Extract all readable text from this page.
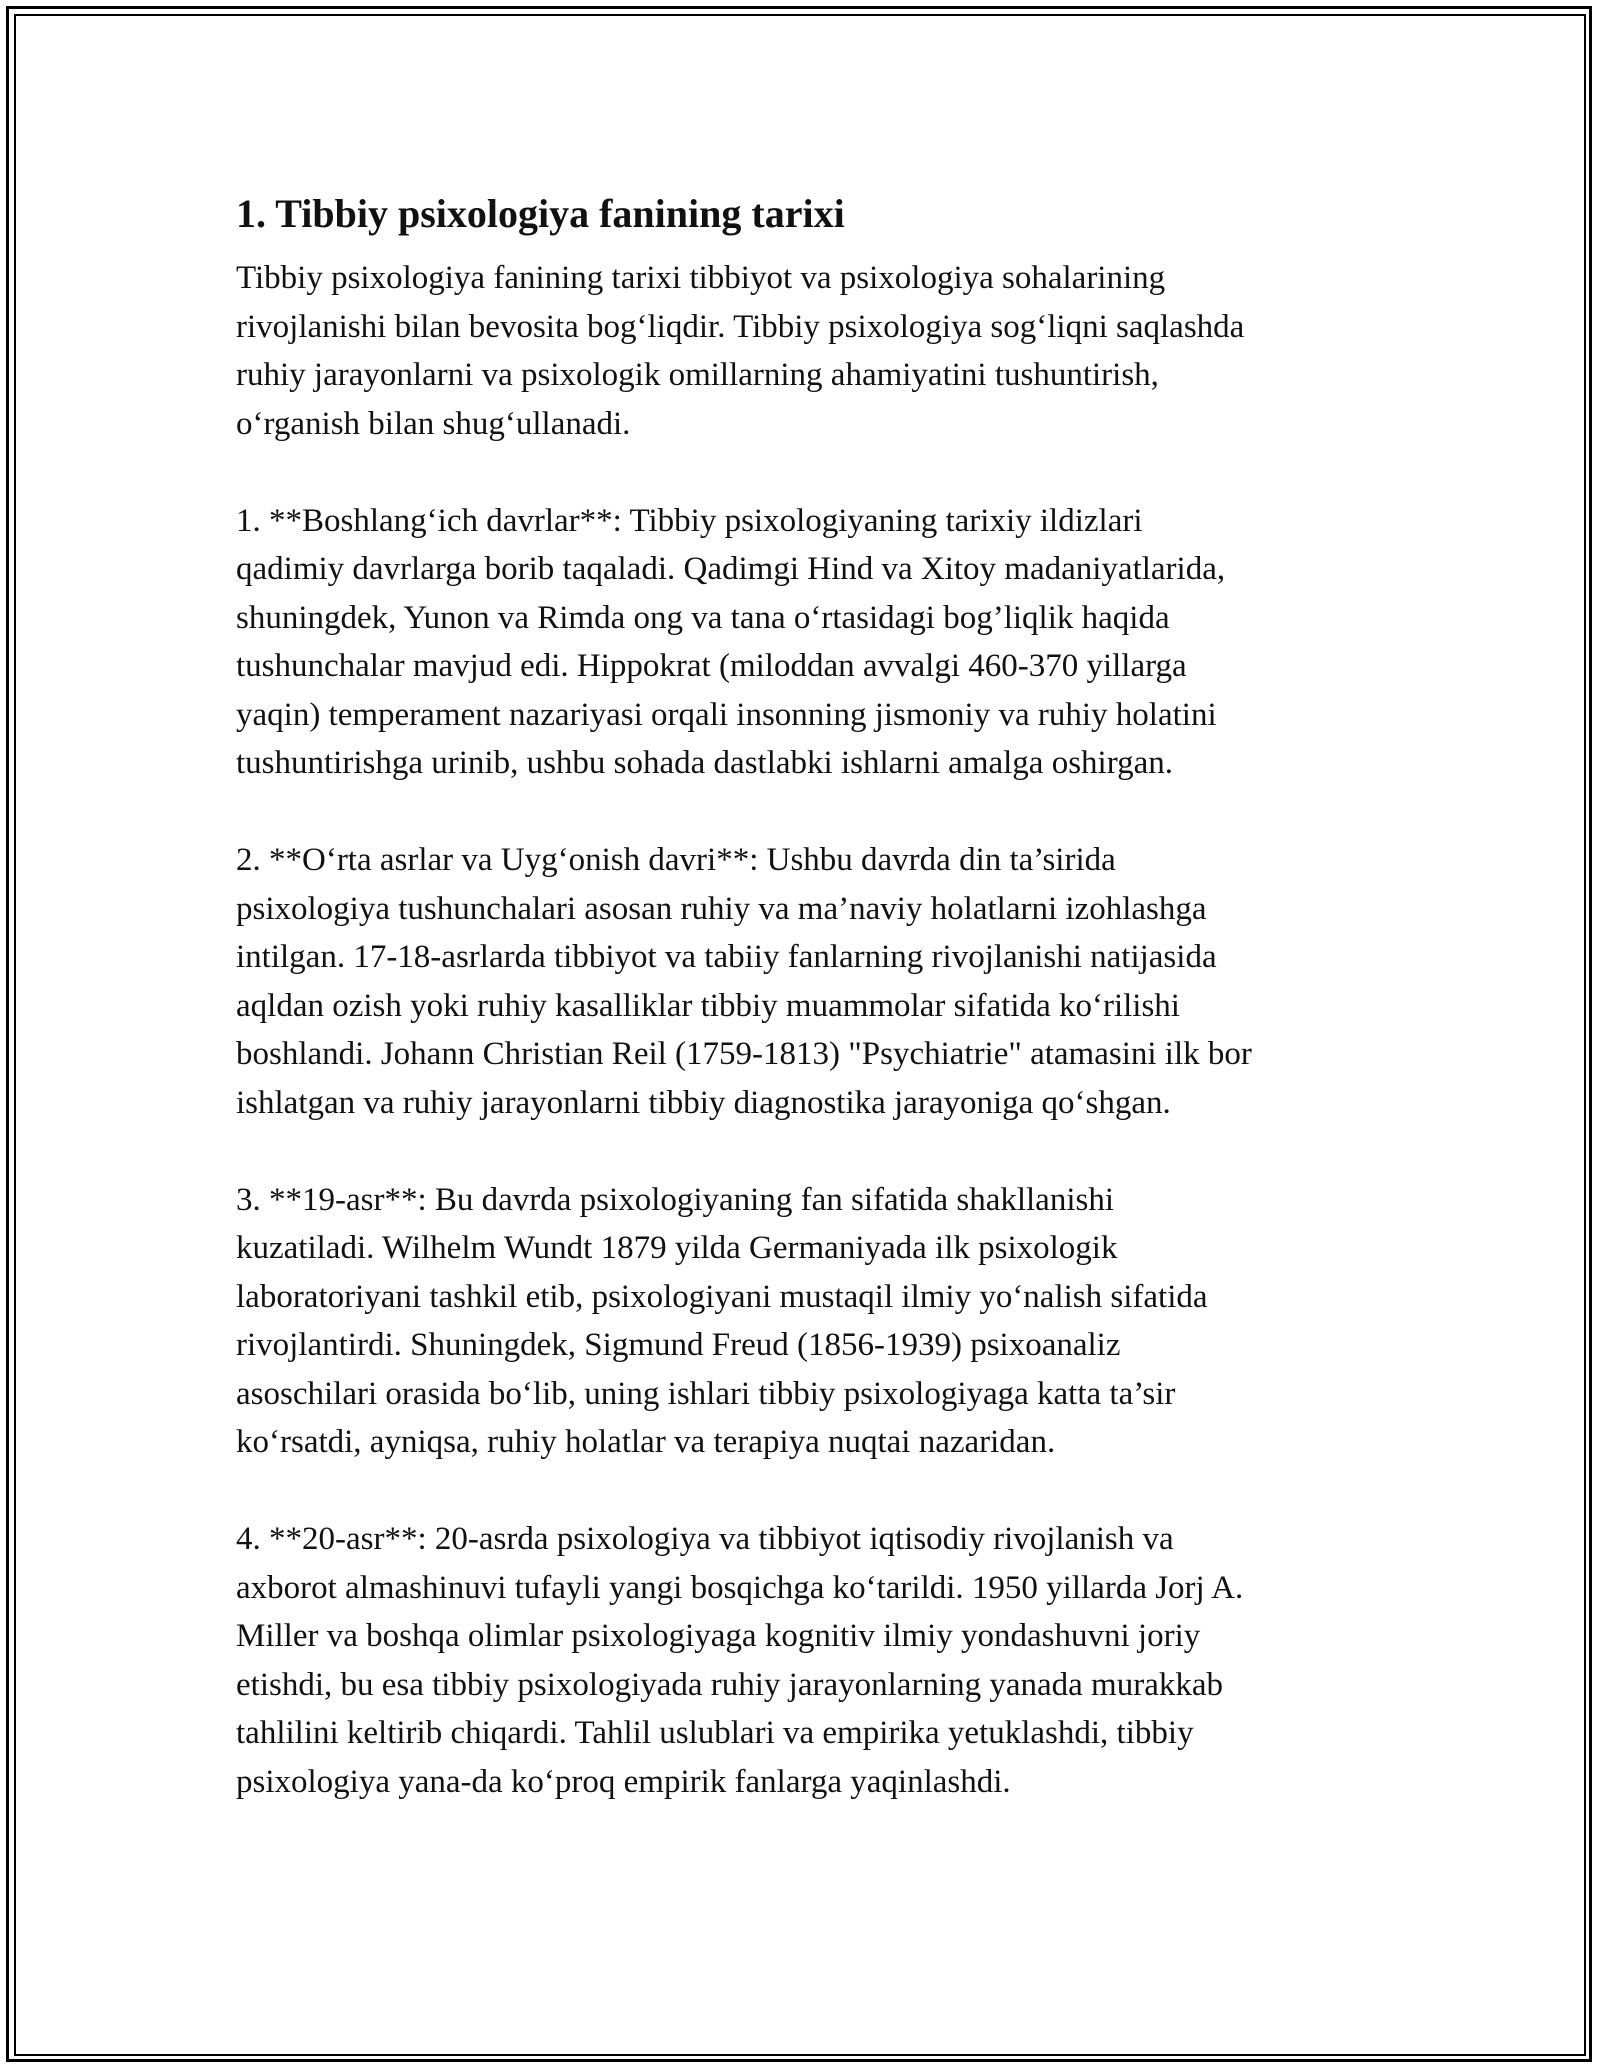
1. Tibbiy psixologiya fanining tarixi

Tibbiy psixologiya fanining tarixi tibbiyot va psixologiya sohalarining
rivojlanishi bilan bevosita bog‘liqdir. Tibbiy psixologiya sog‘liqni saqlashda
ruhiy jarayonlarni va psixologik omillarning ahamiyatini tushuntirish,
o‘rganish bilan shug‘ullanadi.

1. **Boshlang‘ich davrlar**: Tibbiy psixologiyaning tarixiy ildizlari
qadimiy davrlarga borib taqaladi. Qadimgi Hind va Xitoy madaniyatlarida,
shuningdek, Yunon va Rimda ong va tana o‘rtasidagi bog’liqlik haqida
tushunchalar mavjud edi. Hippokrat (miloddan avvalgi 460-370 yillarga
yaqin) temperament nazariyasi orqali insonning jismoniy va ruhiy holatini
tushuntirishga urinib, ushbu sohada dastlabki ishlarni amalga oshirgan.

2. **O‘rta asrlar va Uyg‘onish davri**: Ushbu davrda din ta’sirida
psixologiya tushunchalari asosan ruhiy va ma’naviy holatlarni izohlashga
intilgan. 17-18-asrlarda tibbiyot va tabiiy fanlarning rivojlanishi natijasida
aqldan ozish yoki ruhiy kasalliklar tibbiy muammolar sifatida ko‘rilishi
boshlandi. Johann Christian Reil (1759-1813) "Psychiatrie" atamasini ilk bor
ishlatgan va ruhiy jarayonlarni tibbiy diagnostika jarayoniga qo‘shgan.

3. **19-asr**: Bu davrda psixologiyaning fan sifatida shakllanishi
kuzatiladi. Wilhelm Wundt 1879 yilda Germaniyada ilk psixologik
laboratoriyani tashkil etib, psixologiyani mustaqil ilmiy yo‘nalish sifatida
rivojlantirdi. Shuningdek, Sigmund Freud (1856-1939) psixoanaliz
asoschilari orasida bo‘lib, uning ishlari tibbiy psixologiyaga katta ta’sir
ko‘rsatdi, ayniqsa, ruhiy holatlar va terapiya nuqtai nazaridan.

4. **20-asr**: 20-asrda psixologiya va tibbiyot iqtisodiy rivojlanish va
axborot almashinuvi tufayli yangi bosqichga ko‘tarildi. 1950 yillarda Jorj A.
Miller va boshqa olimlar psixologiyaga kognitiv ilmiy yondashuvni joriy
etishdi, bu esa tibbiy psixologiyada ruhiy jarayonlarning yanada murakkab
tahlilini keltirib chiqardi. Tahlil uslublari va empirika yetuklashdi, tibbiy
psixologiya yana-da ko‘proq empirik fanlarga yaqinlashdi.
